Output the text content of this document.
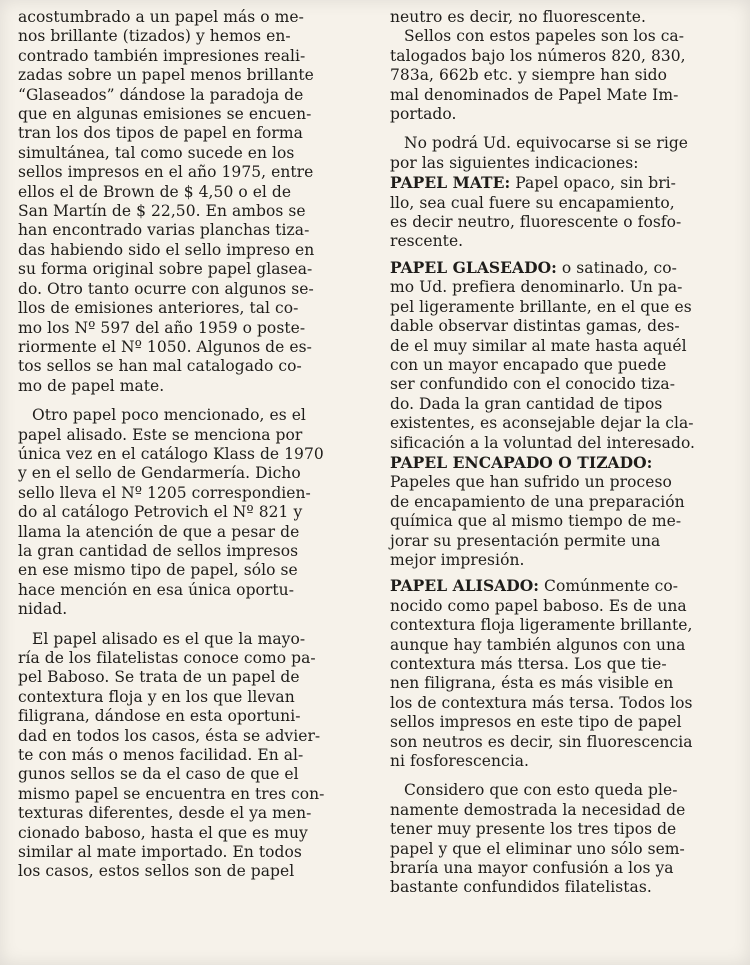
acostumbrado a un papel más o me-
nos brillante (tizados) y hemos en-
contrado también impresiones reali-
zadas sobre un papel menos brillante
“Glaseados” dándose la paradoja de
que en algunas emisiones se encuen-
tran los dos tipos de papel en forma
simultánea, tal como sucede en los
sellos impresos en el año 1975, entre
ellos el de Brown de $ 4,50 o el de
San Martín de $ 22,50. En ambos se
han encontrado varias planchas tiza-
das habiendo sido el sello impreso en
su forma original sobre papel glasea-
do. Otro tanto ocurre con algunos se-
llos de emisiones anteriores, tal co-
mo los Nº 597 del año 1959 o poste-
riormente el Nº 1050. Algunos de es-
tos sellos se han mal catalogado co-
mo de papel mate.
Otro papel poco mencionado, es el
papel alisado. Este se menciona por
única vez en el catálogo Klass de 1970
y en el sello de Gendarmería. Dicho
sello lleva el Nº 1205 correspondien-
do al catálogo Petrovich el Nº 821 y
llama la atención de que a pesar de
la gran cantidad de sellos impresos
en ese mismo tipo de papel, sólo se
hace mención en esa única oportu-
nidad.
El papel alisado es el que la mayo-
ría de los filatelistas conoce como pa-
pel Baboso. Se trata de un papel de
contextura floja y en los que llevan
filigrana, dándose en esta oportuni-
dad en todos los casos, ésta se advier-
te con más o menos facilidad. En al-
gunos sellos se da el caso de que el
mismo papel se encuentra en tres con-
texturas diferentes, desde el ya men-
cionado baboso, hasta el que es muy
similar al mate importado. En todos
los casos, estos sellos son de papel
neutro es decir, no fluorescente.
Sellos con estos papeles son los ca-
talogados bajo los números 820, 830,
783a, 662b etc. y siempre han sido
mal denominados de Papel Mate Im-
portado.
No podrá Ud. equivocarse si se rige
por las siguientes indicaciones:
PAPEL MATE: Papel opaco, sin bri-
llo, sea cual fuere su encapamiento,
es decir neutro, fluorescente o fosfo-
rescente.
PAPEL GLASEADO: o satinado, co-
mo Ud. prefiera denominarlo. Un pa-
pel ligeramente brillante, en el que es
dable observar distintas gamas, des-
de el muy similar al mate hasta aquél
con un mayor encapado que puede
ser confundido con el conocido tiza-
do. Dada la gran cantidad de tipos
existentes, es aconsejable dejar la cla-
sificación a la voluntad del interesado.
PAPEL ENCAPADO O TIZADO:
Papeles que han sufrido un proceso
de encapamiento de una preparación
química que al mismo tiempo de me-
jorar su presentación permite una
mejor impresión.
PAPEL ALISADO: Comúnmente co-
nocido como papel baboso. Es de una
contextura floja ligeramente brillante,
aunque hay también algunos con una
contextura más ttersa. Los que tie-
nen filigrana, ésta es más visible en
los de contextura más tersa. Todos los
sellos impresos en este tipo de papel
son neutros es decir, sin fluorescencia
ni fosforescencia.
Considero que con esto queda ple-
namente demostrada la necesidad de
tener muy presente los tres tipos de
papel y que el eliminar uno sólo sem-
braría una mayor confusión a los ya
bastante confundidos filatelistas.
